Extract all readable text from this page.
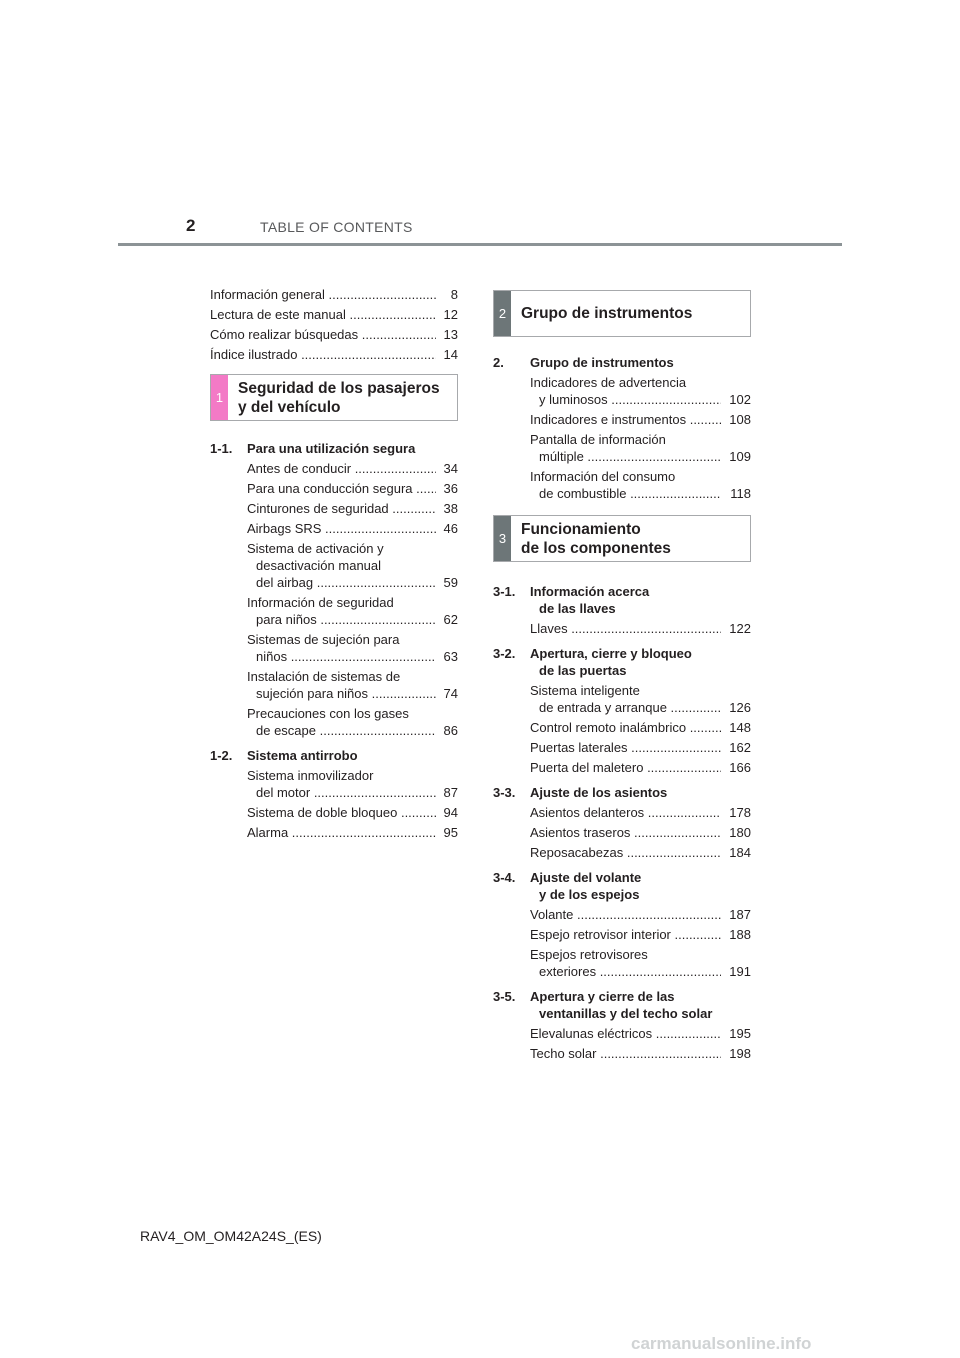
2	TABLE OF CONTENTS
Información general .....	8
Lectura de este manual .....	12
Cómo realizar búsquedas .....	13
Índice ilustrado .....	14
1
Seguridad de los pasajeros
y del vehículo
1-1.	Para una utilización segura
Antes de conducir .....	34
Para una conducción segura .....	36
Cinturones de seguridad .....	38
Airbags SRS .....	46
Sistema de activación y
desactivación manual
del airbag .....	59
Información de seguridad
para niños .....	62
Sistemas de sujeción para
niños .....	63
Instalación de sistemas de
sujeción para niños .....	74
Precauciones con los gases
de escape .....	86
1-2.	Sistema antirrobo
Sistema inmovilizador
del motor .....	87
Sistema de doble bloqueo .....	94
Alarma .....	95
2 Grupo de instrumentos
2.	Grupo de instrumentos
Indicadores de advertencia
y luminosos .....	102
Indicadores e instrumentos .....	108
Pantalla de información
múltiple .....	109
Información del consumo
de combustible .....	118
3
Funcionamiento
de los componentes
3-1.	Información acerca
de las llaves
Llaves .....	122
3-2.	Apertura, cierre y bloqueo
de las puertas
Sistema inteligente
de entrada y arranque .....	126
Control remoto inalámbrico .....	148
Puertas laterales .....	162
Puerta del maletero .....	166
3-3.	Ajuste de los asientos
Asientos delanteros .....	178
Asientos traseros .....	180
Reposacabezas .....	184
3-4.	Ajuste del volante
y de los espejos
Volante .....	187
Espejo retrovisor interior .....	188
Espejos retrovisores
exteriores .....	191
3-5.	Apertura y cierre de las
ventanillas y del techo solar
Elevalunas eléctricos .....	195
Techo solar .....	198
RAV4_OM_OM42A24S_(ES)
carmanualsonline.info
